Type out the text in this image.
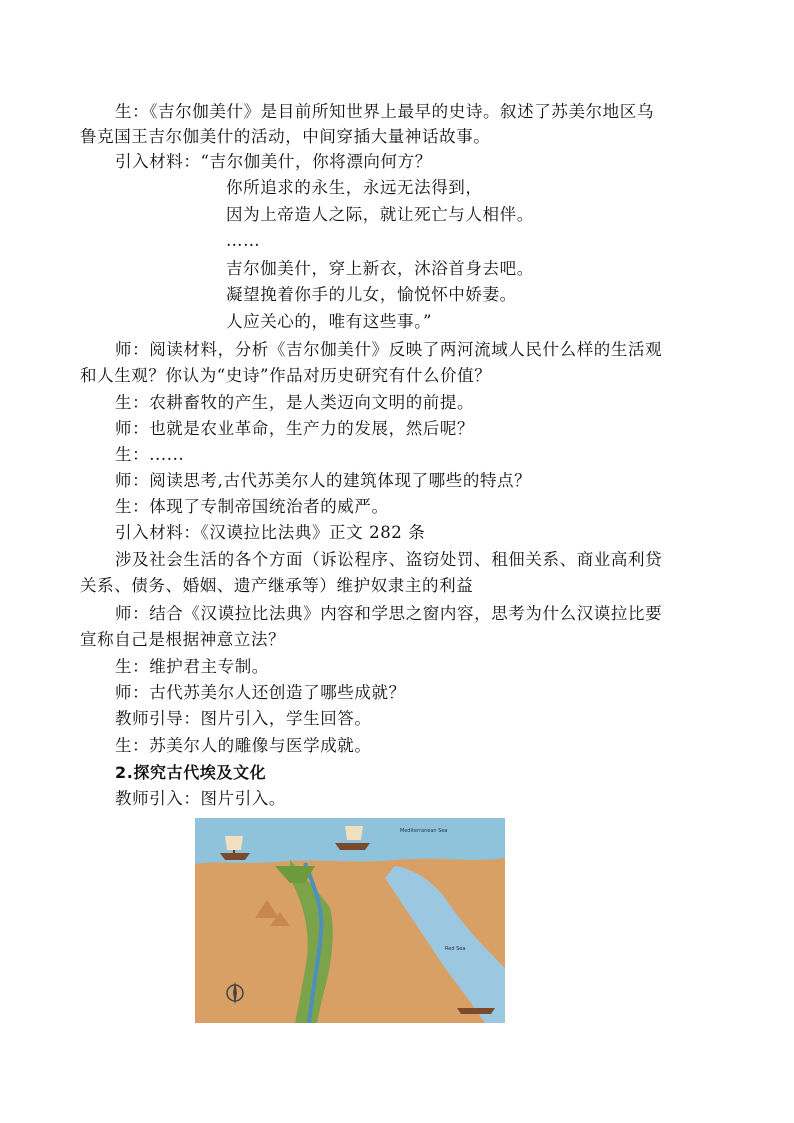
生：《吉尔伽美什》是目前所知世界上最早的史诗。叙述了苏美尔地区乌
鲁克国王吉尔伽美什的活动，中间穿插大量神话故事。
引入材料：“吉尔伽美什，你将漂向何方？
你所追求的永生，永远无法得到，
因为上帝造人之际，就让死亡与人相伴。
……
吉尔伽美什，穿上新衣，沐浴首身去吧。
凝望挽着你手的儿女，愉悦怀中娇妻。
人应关心的，唯有这些事。”
师：阅读材料，分析《吉尔伽美什》反映了两河流域人民什么样的生活观
和人生观？你认为“史诗”作品对历史研究有什么价值？
生：农耕畜牧的产生，是人类迈向文明的前提。
师：也就是农业革命，生产力的发展，然后呢？
生：......
师：阅读思考,古代苏美尔人的建筑体现了哪些的特点？
生：体现了专制帝国统治者的威严。
引入材料：《汉谟拉比法典》正文 282 条
涉及社会生活的各个方面（诉讼程序、盗窃处罚、租佃关系、商业高利贷
关系、债务、婚姻、遗产继承等）维护奴隶主的利益
师：结合《汉谟拉比法典》内容和学思之窗内容，思考为什么汉谟拉比要
宣称自己是根据神意立法？
生：维护君主专制。
师：古代苏美尔人还创造了哪些成就？
教师引导：图片引入，学生回答。
生：苏美尔人的雕像与医学成就。
2.探究古代埃及文化
教师引入：图片引入。
Mediterranean Sea
Red Sea
